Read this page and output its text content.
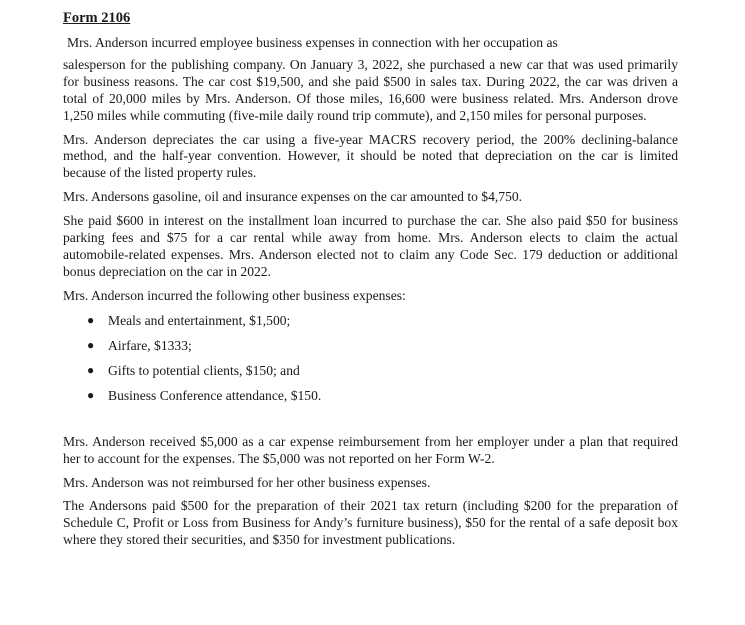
Form 2106
Mrs. Anderson incurred employee business expenses in connection with her occupation as

salesperson for the publishing company. On January 3, 2022, she purchased a new car that was used primarily for business reasons. The car cost $19,500, and she paid $500 in sales tax. During 2022, the car was driven a total of 20,000 miles by Mrs. Anderson. Of those miles, 16,600 were business related. Mrs. Anderson drove 1,250 miles while commuting (five-mile daily round trip commute), and 2,150 miles for personal purposes.

Mrs. Anderson depreciates the car using a five-year MACRS recovery period, the 200% declining-balance method, and the half-year convention. However, it should be noted that depreciation on the car is limited because of the listed property rules.

Mrs. Andersons gasoline, oil and insurance expenses on the car amounted to $4,750.

She paid $600 in interest on the installment loan incurred to purchase the car. She also paid $50 for business parking fees and $75 for a car rental while away from home. Mrs. Anderson elects to claim the actual automobile-related expenses. Mrs. Anderson elected not to claim any Code Sec. 179 deduction or additional bonus depreciation on the car in 2022.

Mrs. Anderson incurred the following other business expenses:

● Meals and entertainment, $1,500;
● Airfare, $1333;
● Gifts to potential clients, $150; and
● Business Conference attendance, $150.

Mrs. Anderson received $5,000 as a car expense reimbursement from her employer under a plan that required her to account for the expenses. The $5,000 was not reported on her Form W-2.

Mrs. Anderson was not reimbursed for her other business expenses.

The Andersons paid $500 for the preparation of their 2021 tax return (including $200 for the preparation of Schedule C, Profit or Loss from Business for Andy’s furniture business), $50 for the rental of a safe deposit box where they stored their securities, and $350 for investment publications.
